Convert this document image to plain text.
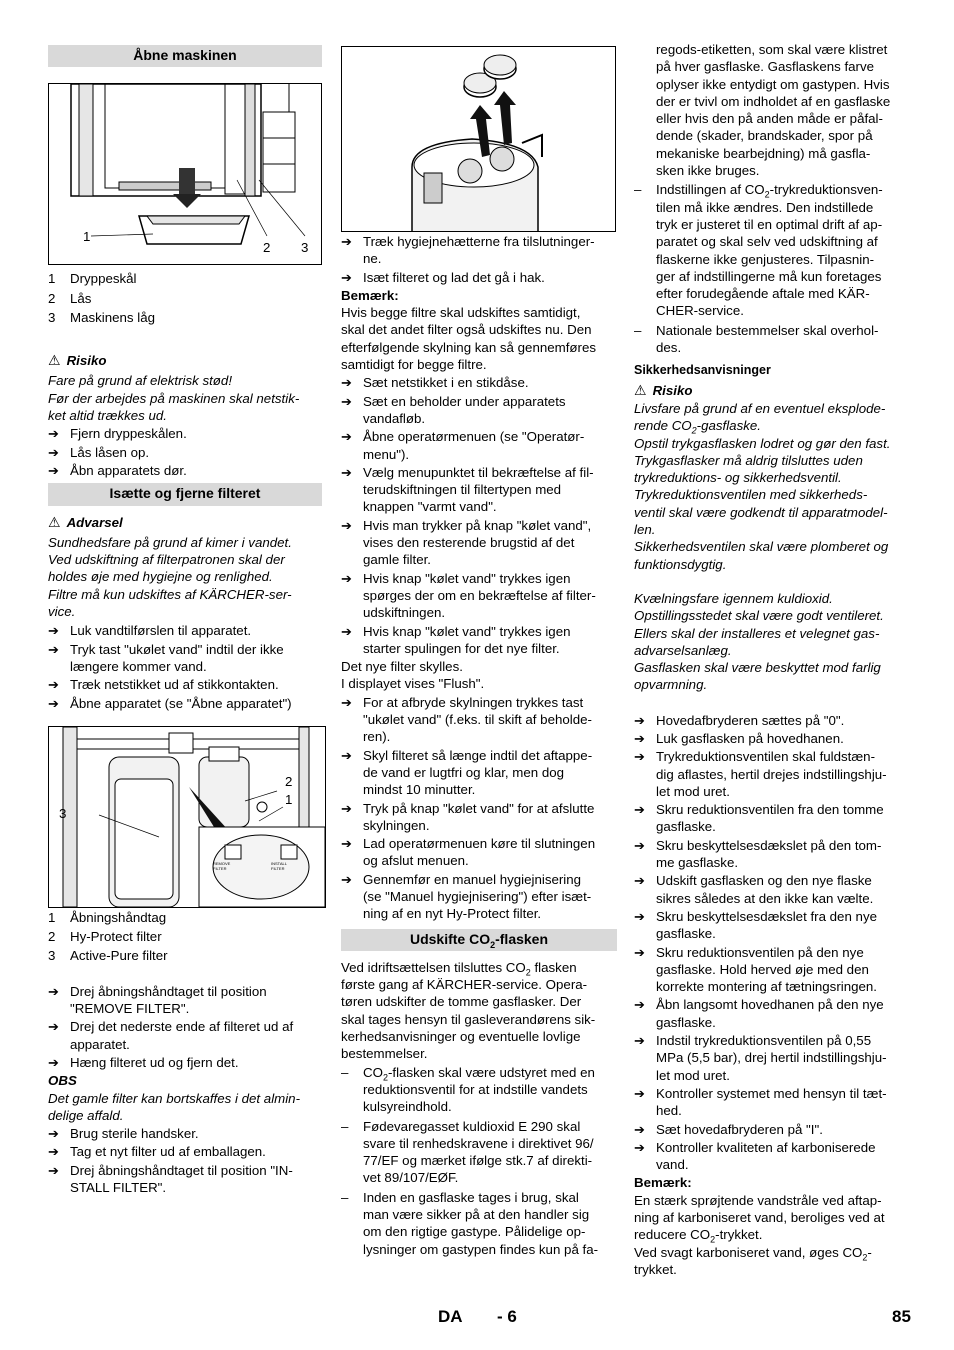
Åbne maskinen
1
2 3
1	Dryppeskål
2	Lås
3	Maskinens låg
⚠ Risiko
Fare på grund af elektrisk stød!
Før der arbejdes på maskinen skal netstik-
ket altid trækkes ud.
➔ Fjern dryppeskålen.
➔ Lås låsen op.
➔ Åbn apparatets dør.
Isætte og fjerne filteret
⚠ Advarsel
Sundhedsfare på grund af kimer i vandet.
Ved udskiftning af filterpatronen skal der
holdes øje med hygiejne og renlighed.
Filtre må kun udskiftes af KÄRCHER-ser-
vice.
➔ Luk vandtilførslen til apparatet.
➔ Tryk tast "ukølet vand" indtil der ikke
længere kommer vand.
➔ Træk netstikket ud af stikkontakten.
➔ Åbne apparatet (se "Åbne apparatet")
3
2
1
REMOVE FILTER
INSTALL FILTER
1	Åbningshåndtag
2	Hy-Protect filter
3	Active-Pure filter
➔ Drej åbningshåndtaget til position
"REMOVE FILTER".
➔ Drej det nederste ende af filteret ud af
apparatet.
➔ Hæng filteret ud og fjern det.
OBS
Det gamle filter kan bortskaffes i det almin-
delige affald.
➔ Brug sterile handsker.
➔ Tag et nyt filter ud af emballagen.
➔ Drej åbningshåndtaget til position "IN-
STALL FILTER".
➔ Træk hygiejnehætterne fra tilslutninger-
ne.
➔ Isæt filteret og lad det gå i hak.
Bemærk:
Hvis begge filtre skal udskiftes samtidigt,
skal det andet filter også udskiftes nu. Den
efterfølgende skylning kan så gennemføres
samtidigt for begge filtre.
➔ Sæt netstikket i en stikdåse.
➔ Sæt en beholder under apparatets
vandafløb.
➔ Åbne operatørmenuen (se "Operatør-
menu").
➔ Vælg menupunktet til bekræftelse af fil-
terudskiftningen til filtertypen med
knappen "varmt vand".
➔ Hvis man trykker på knap "kølet vand",
vises den resterende brugstid af det
gamle filter.
➔ Hvis knap "kølet vand" trykkes igen
spørges der om en bekræftelse af filter-
udskiftningen.
➔ Hvis knap "kølet vand" trykkes igen
starter spulingen for det nye filter.
Det nye filter skylles.
I displayet vises "Flush".
➔ For at afbryde skylningen trykkes tast
"ukølet vand" (f.eks. til skift af beholde-
ren).
➔ Skyl filteret så længe indtil det aftappe-
de vand er lugtfri og klar, men dog
mindst 10 minutter.
➔ Tryk på knap "kølet vand" for at afslutte
skylningen.
➔ Lad operatørmenuen køre til slutningen
og afslut menuen.
➔ Gennemfør en manuel hygiejnisering
(se "Manuel hygiejnisering") efter isæt-
ning af en nyt Hy-Protect filter.
Udskifte $CO_2$-flasken
Ved idriftsættelsen tilsluttes $CO_2$ flasken
første gang af KÄRCHER-service. Opera-
tøren udskifter de tomme gasflasker. Der
skal tages hensyn til gasleverandørens sik-
kerhedsanvisninger og eventuelle lovlige
bestemmelser.
–	$CO_2$-flasken skal være udstyret med en
reduktionsventil for at indstille vandets
kulsyreindhold.
–	Fødevaregasset kuldioxid E 290 skal
svare til renhedskravene i direktivet 96/
77/EF og mærket ifølge stk.7 af direkti-
vet 89/107/EØF.
–	Inden en gasflaske tages i brug, skal
man være sikker på at den handler sig
om den rigtige gastype. Pålidelige op-
lysninger om gastypen findes kun på fa-
regods-etiketten, som skal være klistret
på hver gasflaske. Gasflaskens farve
oplyser ikke entydigt om gastypen. Hvis
der er tvivl om indholdet af en gasflaske
eller hvis den på anden måde er påfal-
dende (skader, brandskader, spor på
mekaniske bearbejdning) må gasfla-
sken ikke bruges.
–	Indstillingen af $CO_2-trykreduktionsven-$
tilen må ikke ændres. Den indstillede
tryk er justeret til en optimal drift af ap-
paratet og skal selv ved udskiftning af
flaskerne ikke genjusteres. Tilpasnin-
ger af indstillingerne må kun foretages
efter forudegående aftale med KÄR-
CHER-service.
–	Nationale bestemmelser skal overhol-
des.
Sikkerhedsanvisninger
⚠ Risiko
Livsfare på grund af en eventuel eksplode-
rende $CO_2$-gasflaske.
Opstil trykgasflasken lodret og gør den fast.
Trykgasflasker må aldrig tilsluttes uden
trykreduktions- og sikkerhedsventil.
Trykreduktionsventilen med sikkerheds-
ventil skal være godkendt til apparatmodel-
len.
Sikkerhedsventilen skal være plomberet og
funktionsdygtig.
Kvælningsfare igennem kuldioxid.
Opstillingsstedet skal være godt ventileret.
Ellers skal der installeres et velegnet gas-
advarselsanlæg.
Gasflasken skal være beskyttet mod farlig
opvarmning.
➔ Hovedafbryderen sættes på "0".
➔ Luk gasflasken på hovedhanen.
➔ Trykreduktionsventilen skal fuldstæn-
dig aflastes, hertil drejes indstillingshju-
let mod uret.
➔ Skru reduktionsventilen fra den tomme
gasflaske.
➔ Skru beskyttelsesdækslet på den tom-
me gasflaske.
➔ Udskift gasflasken og den nye flaske
sikres således at den ikke kan vælte.
➔ Skru beskyttelsesdækslet fra den nye
gasflaske.
➔ Skru reduktionsventilen på den nye
gasflaske. Hold herved øje med den
korrekte montering af tætningsringen.
➔ Åbn langsomt hovedhanen på den nye
gasflaske.
➔ Indstil trykreduktionsventilen på 0,55
MPa (5,5 bar), drej hertil indstillingshju-
let mod uret.
➔ Kontroller systemet med hensyn til tæt-
hed.
➔ Sæt hovedafbryderen på "I".
➔ Kontroller kvaliteten af karboniserede
vand.
Bemærk:
En stærk sprøjtende vandstråle ved aftap-
ning af karboniseret vand, beroliges ved at
reducere $CO_2$-trykket.
Ved svagt karboniseret vand, øges $CO_2-$
trykket.
DA - 6	85
